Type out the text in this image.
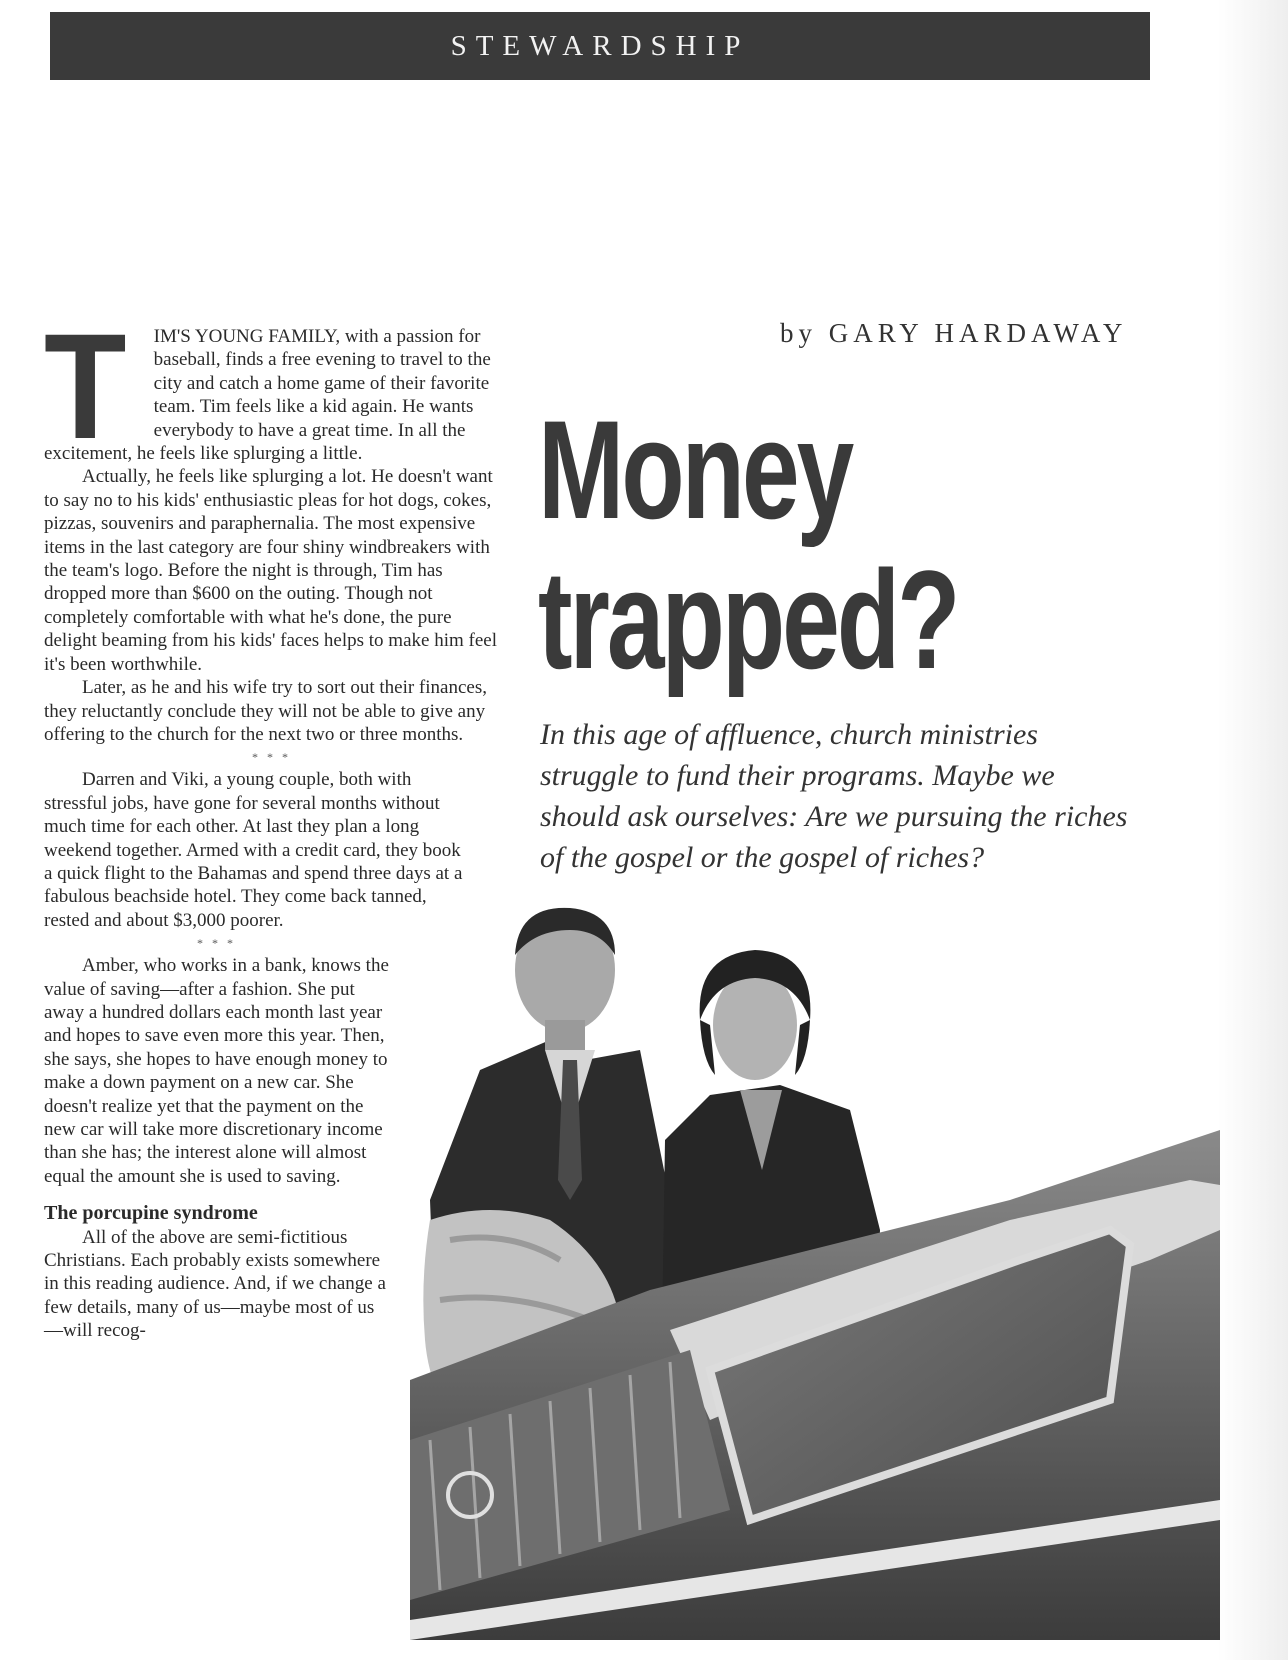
STEWARDSHIP
by GARY HARDAWAY
Money
trapped?
In this age of affluence, church ministries struggle to fund their programs. Maybe we should ask ourselves: Are we pursuing the riches of the gospel or the gospel of riches?
T	IM'S YOUNG FAMILY, with a passion for baseball, finds a free evening to travel to the city and catch a home game of their favorite team. Tim feels like a kid again. He wants everybody to have a great time. In all the excitement, he feels like splurging a little.

Actually, he feels like splurging a lot. He doesn't want to say no to his kids' enthusiastic pleas for hot dogs, cokes, pizzas, souvenirs and paraphernalia. The most expensive items in the last category are four shiny windbreakers with the team's logo. Before the night is through, Tim has dropped more than $600 on the outing. Though not completely comfortable with what he's done, the pure delight beaming from his kids' faces helps to make him feel it's been worthwhile.

Later, as he and his wife try to sort out their finances, they reluctantly conclude they will not be able to give any offering to the church for the next two or three months.

* * *

Darren and Viki, a young couple, both with stressful jobs, have gone for several months without much time for each other. At last they plan a long weekend together. Armed with a credit card, they book a quick flight to the Bahamas and spend three days at a fabulous beachside hotel. They come back tanned, rested and about $3,000 poorer.

* * *

Amber, who works in a bank, knows the value of saving—after a fashion. She put away a hundred dollars each month last year and hopes to save even more this year. Then, she says, she hopes to have enough money to make a down payment on a new car. She doesn't realize yet that the payment on the new car will take more discretionary income than she has; the interest alone will almost equal the amount she is used to saving.

The porcupine syndrome

All of the above are semi-fictitious Christians. Each probably exists somewhere in this reading audience. And, if we change a few details, many of us—maybe most of us—will recog-
